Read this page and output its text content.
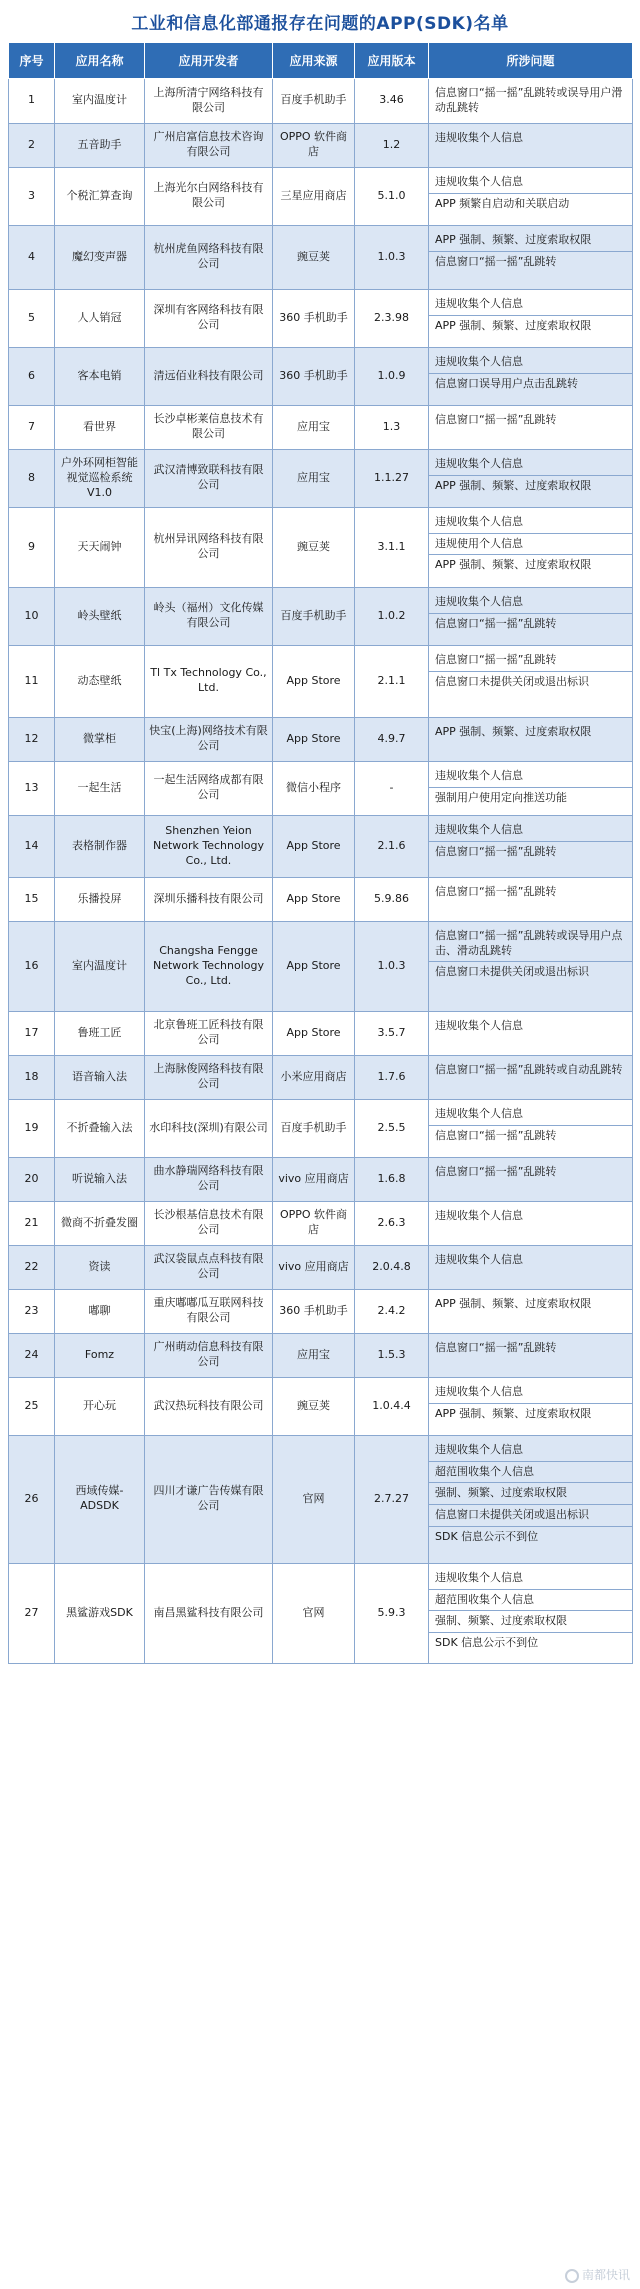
工业和信息化部通报存在问题的APP(SDK)名单
序号	应用名称	应用开发者	应用来源	应用版本	所涉问题
1	室内温度计	上海所清宁网络科技有限公司	百度手机助手	3.46	信息窗口“摇一摇”乱跳转或误导用户滑动乱跳转

2	五音助手	广州启富信息技术咨询有限公司	OPPO 软件商店	1.2	违规收集个人信息

3	个税汇算查询	上海光尔白网络科技有限公司	三星应用商店	5.1.0	违规收集个人信息
APP 频繁自启动和关联启动

4	魔幻变声器	杭州虎鱼网络科技有限公司	豌豆荚	1.0.3	APP 强制、频繁、过度索取权限
信息窗口“摇一摇”乱跳转

5	人人销冠	深圳有客网络科技有限公司	360 手机助手	2.3.98	违规收集个人信息
APP 强制、频繁、过度索取权限

6	客本电销	清远佰业科技有限公司	360 手机助手	1.0.9	违规收集个人信息
信息窗口误导用户点击乱跳转

7	看世界	长沙卓彬莱信息技术有限公司	应用宝	1.3	信息窗口“摇一摇”乱跳转

8	户外环网柜智能视觉巡检系统 V1.0	武汉清博致联科技有限公司	应用宝	1.1.27	违规收集个人信息
APP 强制、频繁、过度索取权限

9	天天闹钟	杭州异讯网络科技有限公司	豌豆荚	3.1.1	违规收集个人信息
违规使用个人信息
APP 强制、频繁、过度索取权限

10	岭头壁纸	岭头（福州）文化传媒有限公司	百度手机助手	1.0.2	违规收集个人信息
信息窗口“摇一摇”乱跳转

11	动态壁纸	Tl Tx Technology Co., Ltd.	App Store	2.1.1	信息窗口“摇一摇”乱跳转
信息窗口未提供关闭或退出标识

12	微掌柜	快宝(上海)网络技术有限公司	App Store	4.9.7	APP 强制、频繁、过度索取权限

13	一起生活	一起生活网络成都有限公司	微信小程序	-	违规收集个人信息
强制用户使用定向推送功能

14	表格制作器	Shenzhen Yeion Network Technology Co., Ltd.	App Store	2.1.6	违规收集个人信息
信息窗口“摇一摇”乱跳转

15	乐播投屏	深圳乐播科技有限公司	App Store	5.9.86	信息窗口“摇一摇”乱跳转

16	室内温度计	Changsha Fengge Network Technology Co., Ltd.	App Store	1.0.3	信息窗口“摇一摇”乱跳转或误导用户点击、滑动乱跳转
信息窗口未提供关闭或退出标识

17	鲁班工匠	北京鲁班工匠科技有限公司	App Store	3.5.7	违规收集个人信息

18	语音输入法	上海脉俊网络科技有限公司	小米应用商店	1.7.6	信息窗口“摇一摇”乱跳转或自动乱跳转

19	不折叠输入法	水印科技(深圳)有限公司	百度手机助手	2.5.5	违规收集个人信息
信息窗口“摇一摇”乱跳转

20	听说输入法	曲水静瑞网络科技有限公司	vivo 应用商店	1.6.8	信息窗口“摇一摇”乱跳转

21	微商不折叠发圈	长沙根基信息技术有限公司	OPPO 软件商店	2.6.3	违规收集个人信息

22	资读	武汉袋鼠点点科技有限公司	vivo 应用商店	2.0.4.8	违规收集个人信息

23	嘟聊	重庆嘟嘟瓜互联网科技有限公司	360 手机助手	2.4.2	APP 强制、频繁、过度索取权限

24	Fomz	广州萌动信息科技有限公司	应用宝	1.5.3	信息窗口“摇一摇”乱跳转

25	开心玩	武汉热玩科技有限公司	豌豆荚	1.0.4.4	违规收集个人信息
APP 强制、频繁、过度索取权限

26	西域传媒-ADSDK	四川才谦广告传媒有限公司	官网	2.7.27	违规收集个人信息
超范围收集个人信息
强制、频繁、过度索取权限
信息窗口未提供关闭或退出标识
SDK 信息公示不到位

27	黑鲨游戏SDK	南昌黑鲨科技有限公司	官网	5.9.3	违规收集个人信息
超范围收集个人信息
强制、频繁、过度索取权限
SDK 信息公示不到位
南都快讯
